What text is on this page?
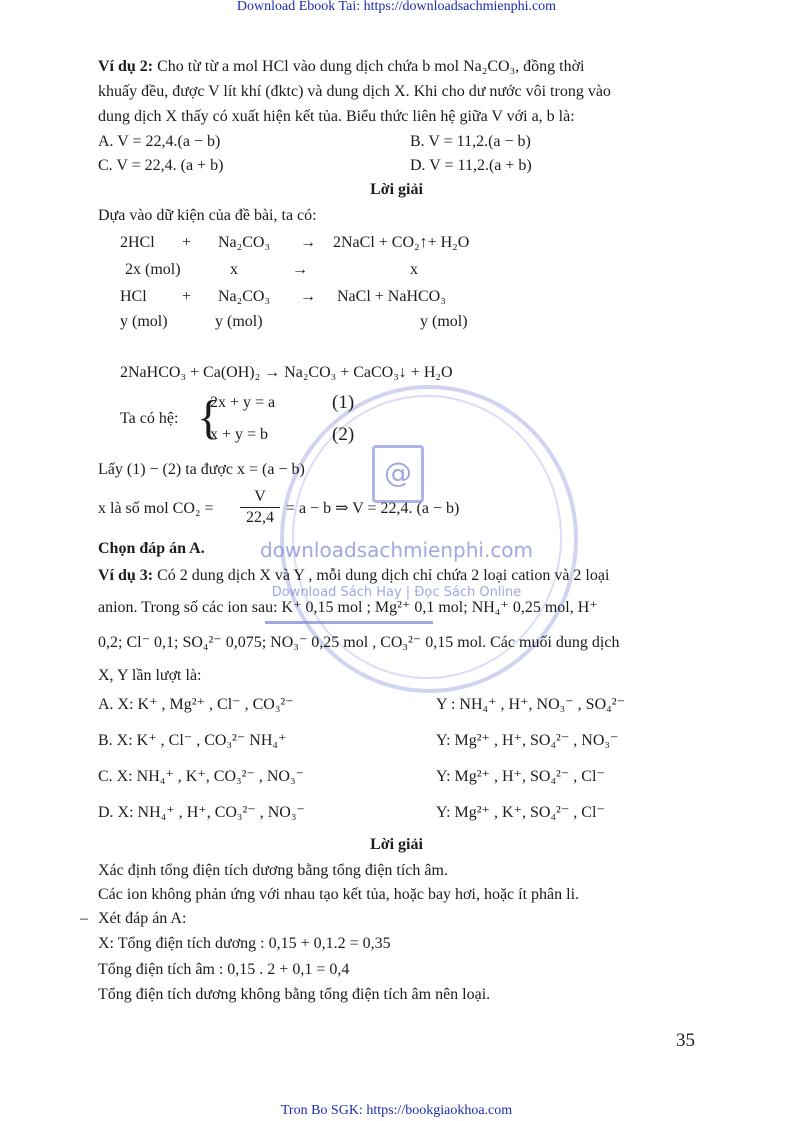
Download Ebook Tai: https://downloadsachmienphi.com
@
downloadsachmienphi.com
Download Sách Hay | Đọc Sách Online
Ví dụ 2: Cho từ từ a mol HCl vào dung dịch chứa b mol Na₂CO₃, đồng thời
khuấy đều, được V lít khí (đktc) và dung dịch X. Khi cho dư nước vôi trong vào
dung dịch X thấy có xuất hiện kết tủa. Biểu thức liên hệ giữa V với a, b là:
A. V = 22,4.(a − b)	B. V = 11,2.(a − b)
C. V = 22,4. (a + b)	D. V = 11,2.(a + b)
Lời giải
Dựa vào dữ kiện của đề bài, ta có:
2HCl + Na₂CO₃ → 2NaCl + CO₂↑+ H₂O
2x (mol)	x	→	x
HCl + Na₂CO₃ → NaCl + NaHCO₃
y (mol)	y (mol)	y (mol)
2NaHCO₃ + Ca(OH)₂ → Na₂CO₃ + CaCO₃↓ + H₂O
Ta có hệ: {
2x + y = a	(1)
x + y = b	(2)
Lấy (1) − (2) ta được x = (a − b)
x là số mol CO₂ =
V
22,4
= a − b ⇒ V = 22,4. (a − b)
Chọn đáp án A.
Ví dụ 3: Có 2 dung dịch X và Y , mỗi dung dịch chỉ chứa 2 loại cation và 2 loại
anion. Trong số các ion sau: K⁺ 0,15 mol ; Mg²⁺ 0,1 mol; NH₄⁺ 0,25 mol, H⁺
0,2; Cl⁻ 0,1; SO₄²⁻ 0,075; NO₃⁻ 0,25 mol , CO₃²⁻ 0,15 mol. Các muối dung dịch
X, Y lần lượt là:
A. X: K⁺ , Mg²⁺ , Cl⁻ , CO₃²⁻	Y : NH₄⁺ , H⁺, NO₃⁻ , SO₄²⁻
B. X: K⁺ , Cl⁻ , CO₃²⁻ NH₄⁺	Y: Mg²⁺ , H⁺, SO₄²⁻ , NO₃⁻
C. X: NH₄⁺ , K⁺, CO₃²⁻ , NO₃⁻	Y: Mg²⁺ , H⁺, SO₄²⁻ , Cl⁻
D. X: NH₄⁺ , H⁺, CO₃²⁻ , NO₃⁻	Y: Mg²⁺ , K⁺, SO₄²⁻ , Cl⁻
Lời giải
Xác định tổng điện tích dương bằng tổng điện tích âm.
Các ion không phản ứng với nhau tạo kết tủa, hoặc bay hơi, hoặc ít phân li.
– Xét đáp án A:
X: Tổng điện tích dương : 0,15 + 0,1.2 = 0,35
Tổng điện tích âm : 0,15 . 2 + 0,1 = 0,4
Tổng điện tích dương không bằng tổng điện tích âm nên loại.
35
Tron Bo SGK: https://bookgiaokhoa.com
